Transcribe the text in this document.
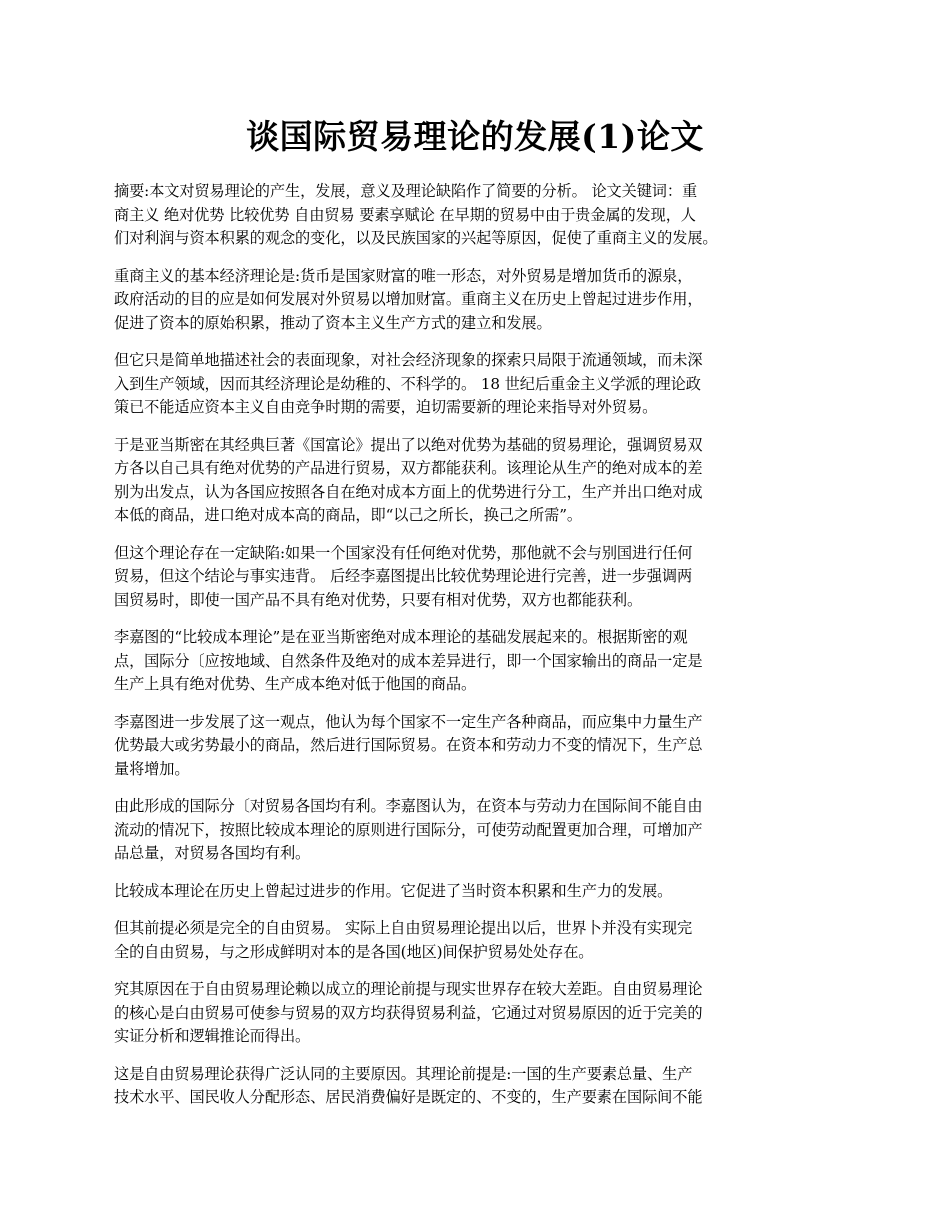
谈国际贸易理论的发展(1)论文

摘要:本文对贸易理论的产生，发展，意义及理论缺陷作了简要的分析。 论文关键词：重
商主义 绝对优势 比较优势 自由贸易 要素享赋论 在早期的贸易中由于贵金属的发现，人
们对利润与资本积累的观念的变化，以及民族国家的兴起等原因，促使了重商主义的发展。

重商主义的基本经济理论是:货币是国家财富的唯一形态，对外贸易是增加货币的源泉，
政府活动的目的应是如何发展对外贸易以增加财富。重商主义在历史上曾起过进步作用，
促进了资本的原始积累，推动了资本主义生产方式的建立和发展。

但它只是简单地描述社会的表面现象，对社会经济现象的探索只局限于流通领域，而未深
入到生产领域，因而其经济理论是幼稚的、不科学的。 18 世纪后重金主义学派的理论政
策已不能适应资本主义自由竞争时期的需要，迫切需要新的理论来指导对外贸易。

于是亚当斯密在其经典巨著《国富论》提出了以绝对优势为基础的贸易理论，强调贸易双
方各以自己具有绝对优势的产品进行贸易，双方都能获利。该理论从生产的绝对成本的差
别为出发点，认为各国应按照各自在绝对成本方面上的优势进行分工，生产并出口绝对成
本低的商品，进口绝对成本高的商品，即“以己之所长，换己之所需”。

但这个理论存在一定缺陷:如果一个国家没有任何绝对优势，那他就不会与别国进行任何
贸易，但这个结论与事实违背。 后经李嘉图提出比较优势理论进行完善，进一步强调两
国贸易时，即使一国产品不具有绝对优势，只要有相对优势，双方也都能获利。

李嘉图的“比较成本理论”是在亚当斯密绝对成本理论的基础发展起来的。根据斯密的观
点，国际分〔应按地域、自然条件及绝对的成本差异进行，即一个国家输出的商品一定是
生产上具有绝对优势、生产成本绝对低于他国的商品。

李嘉图进一步发展了这一观点，他认为每个国家不一定生产各种商品，而应集中力量生产
优势最大或劣势最小的商品，然后进行国际贸易。在资本和劳动力不变的情况下，生产总
量将增加。

由此形成的国际分〔对贸易各国均有利。李嘉图认为，在资本与劳动力在国际间不能自由
流动的情况下，按照比较成本理论的原则进行国际分，可使劳动配置更加合理，可增加产
品总量，对贸易各国均有利。

比较成本理论在历史上曾起过进步的作用。它促进了当时资本积累和生产力的发展。

但其前提必须是完全的自由贸易。 实际上自由贸易理论提出以后，世界卜并没有实现完
全的自由贸易，与之形成鲜明对本的是各国(地区)间保护贸易处处存在。

究其原因在于自由贸易理论赖以成立的理论前提与现实世界存在较大差距。自由贸易理论
的核心是白由贸易可使参与贸易的双方均获得贸易利益，它通过对贸易原因的近于完美的
实证分析和逻辑推论而得出。

这是自由贸易理论获得广泛认同的主要原因。其理论前提是:一国的生产要素总量、生产
技术水平、国民收人分配形态、居民消费偏好是既定的、不变的，生产要素在国际间不能
